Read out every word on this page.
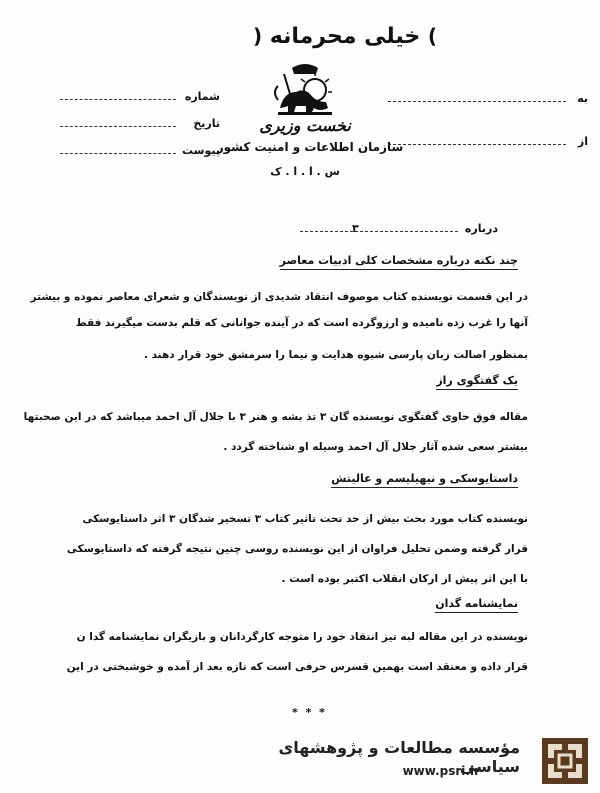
) خیلی محرمانه (
نخست وزیری
سازمان اطلاعات و امنیت کشور
س . ا . ا . ک
شماره
تاریخ
پیوست
به
از
درباره
۳
چند نکته درباره مشخصات کلی ادبیات معاصر
در این قسمت نویسنده کتاب موصوف انتقاد شدیدی از نویسندگان و شعرای معاصر نموده و بیشتر
آنها را غرب زده نامیده و ارزوگرده است که در آینده جوانانی که قلم بدست میگیرند فقط
بمنظور اصالت زبان پارسی شیوه هدایت و نیما را سرمشق خود قرار دهند .
یک گفتگوی راز
مقاله فوق حاوی گفتگوی نویسنده گان ۳ تذ بشه و هنر ۳ با جلال آل احمد میباشد که در این صحبتها
بیشتر سعی شده آثار جلال آل احمد وسیله او شناخته گردد .
داستایوسکی و نیهیلیسم و عالیتش
نویسنده کتاب مورد بحث بیش از حد تحت تاثیر کتاب ۳ تسخیر شدگان ۳ اثر داستایوسکی
قرار گرفته وضمن تحلیل فراوان از این نویسنده روسی چنین نتیجه گرفته که داستایوسکی
با این اثر پیش از ارکان انقلاب اکتبر بوده است .
نمایشنامه گدان
نویسنده در این مقاله لبه تیز انتقاد خود را متوجه کارگردانان و بازیگران نمایشنامه گدا ن
قرار داده و معتقد است بهمین قسرس حرفی است که تازه بعد از آمده و خوشبختی در این
* * *
مؤسسه مطالعات و پژوهشهای سیاسی
www.psri.ir
